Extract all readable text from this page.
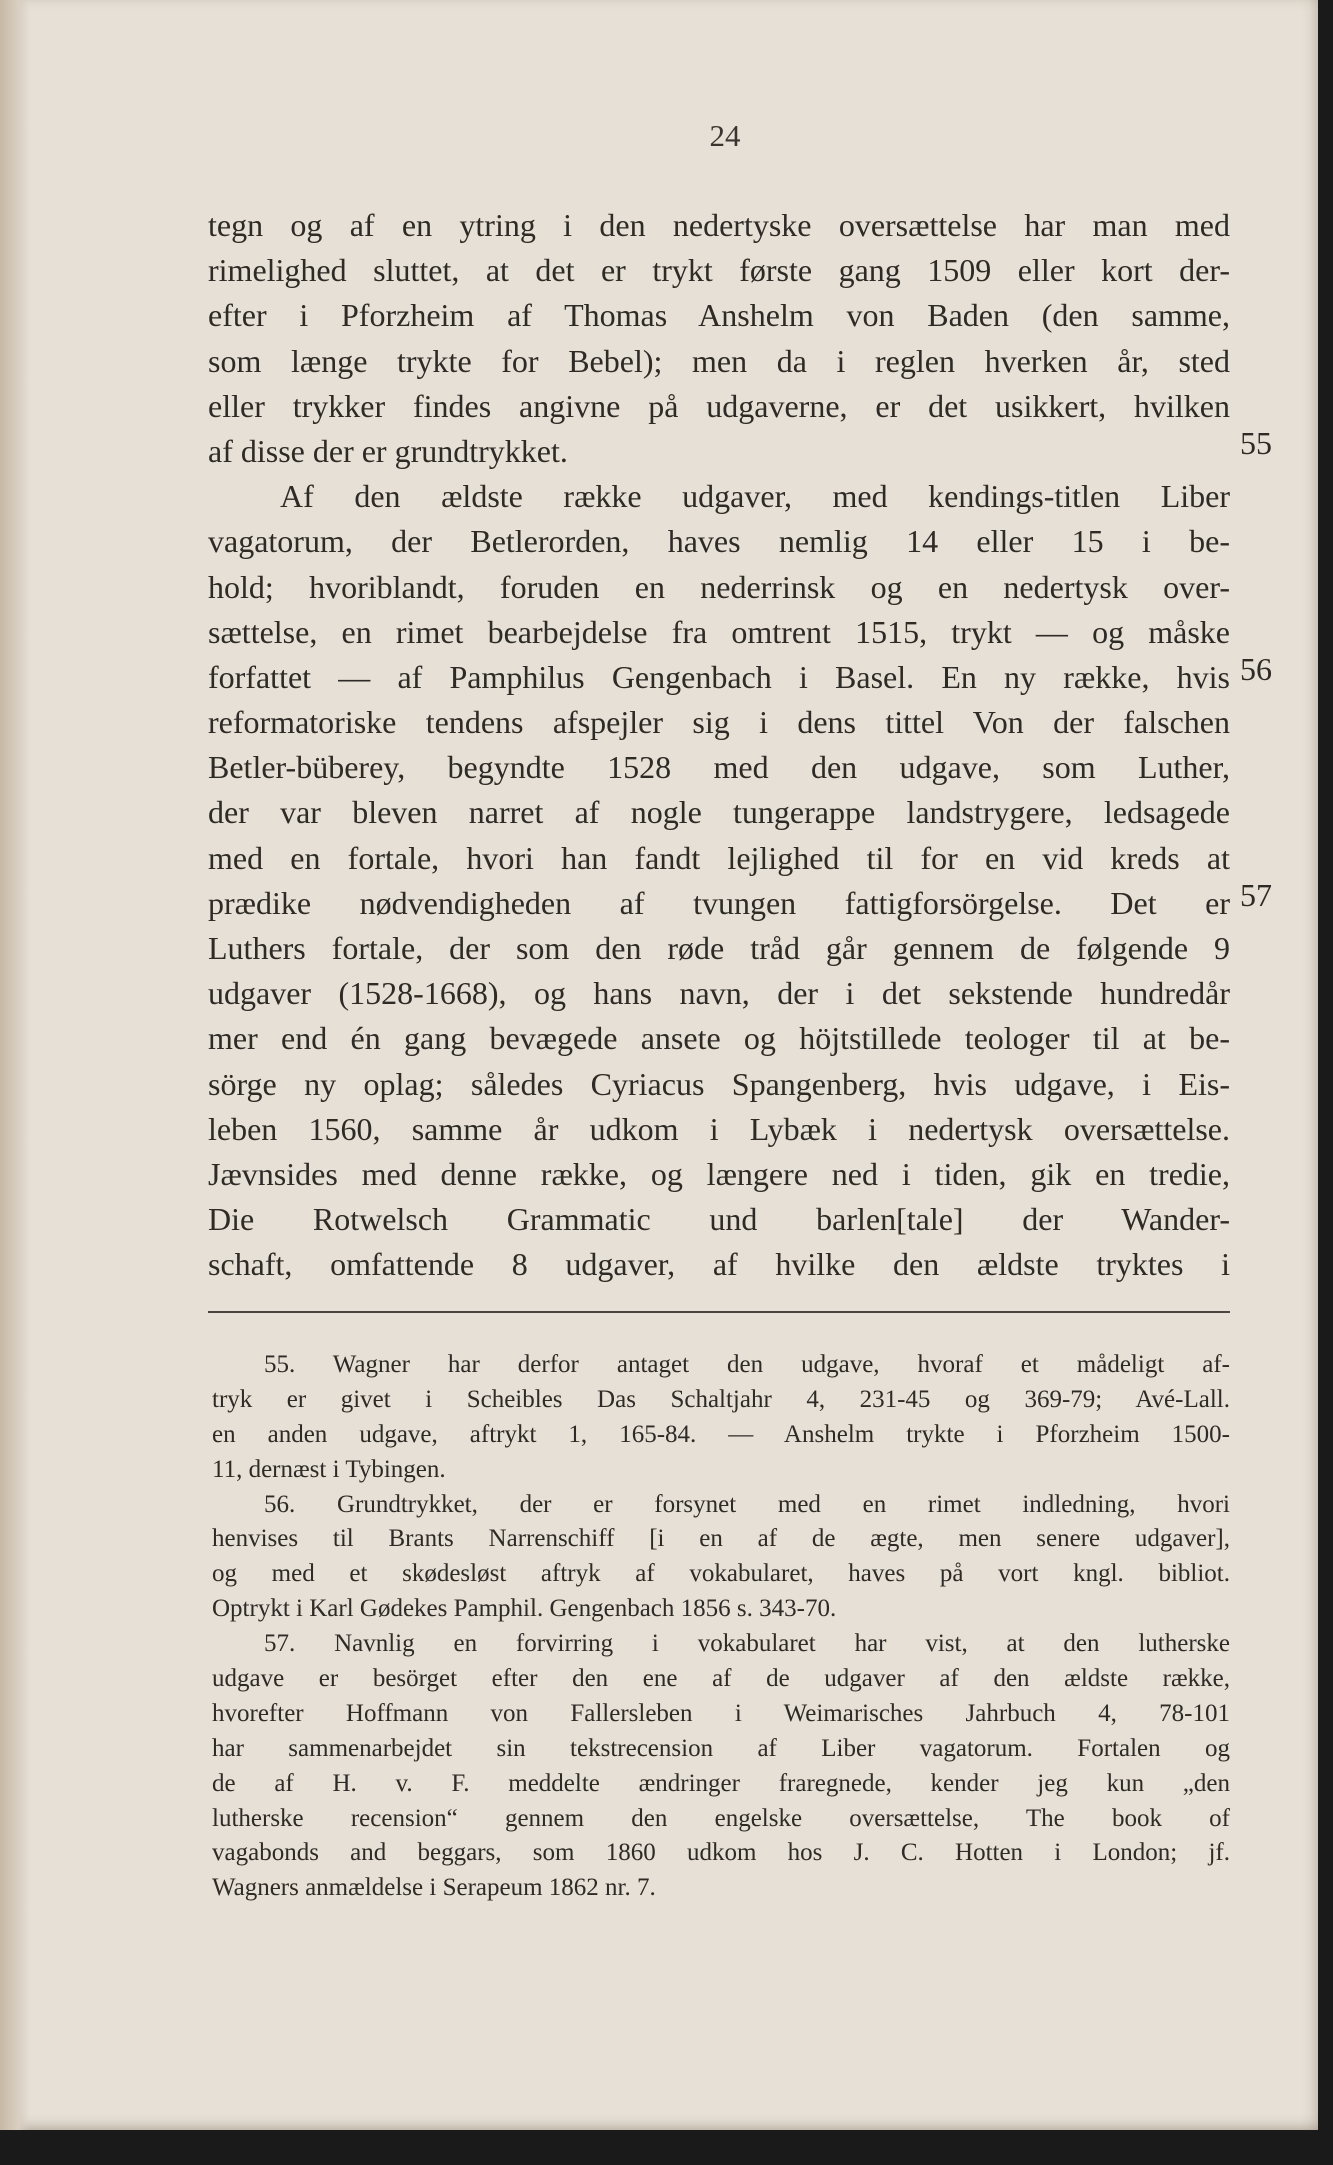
24
tegn og af en ytring i den nedertyske oversættelse har man med
rimelighed sluttet, at det er trykt første gang 1509 eller kort der-
efter i Pforzheim af Thomas Anshelm von Baden (den samme,
som længe trykte for Bebel); men da i reglen hverken år, sted
eller trykker findes angivne på udgaverne, er det usikkert, hvilken
af disse der er grundtrykket.
Af den ældste række udgaver, med kendings-titlen Liber
vagatorum, der Betlerorden, haves nemlig 14 eller 15 i be-
hold; hvoriblandt, foruden en nederrinsk og en nedertysk over-
sættelse, en rimet bearbejdelse fra omtrent 1515, trykt — og måske
forfattet — af Pamphilus Gengenbach i Basel. En ny række, hvis
reformatoriske tendens afspejler sig i dens tittel Von der falschen
Betler-büberey, begyndte 1528 med den udgave, som Luther,
der var bleven narret af nogle tungerappe landstrygere, ledsagede
med en fortale, hvori han fandt lejlighed til for en vid kreds at
prædike nødvendigheden af tvungen fattigforsörgelse. Det er
Luthers fortale, der som den røde tråd går gennem de følgende 9
udgaver (1528-1668), og hans navn, der i det sekstende hundredår
mer end én gang bevægede ansete og höjtstillede teologer til at be-
sörge ny oplag; således Cyriacus Spangenberg, hvis udgave, i Eis-
leben 1560, samme år udkom i Lybæk i nedertysk oversættelse.
Jævnsides med denne række, og længere ned i tiden, gik en tredie,
Die Rotwelsch Grammatic und barlen[tale] der Wander-
schaft, omfattende 8 udgaver, af hvilke den ældste tryktes i
55
56
57
55. Wagner har derfor antaget den udgave, hvoraf et mådeligt af-
tryk er givet i Scheibles Das Schaltjahr 4, 231-45 og 369-79; Avé-Lall.
en anden udgave, aftrykt 1, 165-84. — Anshelm trykte i Pforzheim 1500-
11, dernæst i Tybingen.
56. Grundtrykket, der er forsynet med en rimet indledning, hvori
henvises til Brants Narrenschiff [i en af de ægte, men senere udgaver],
og med et skødesløst aftryk af vokabularet, haves på vort kngl. bibliot.
Optrykt i Karl Gødekes Pamphil. Gengenbach 1856 s. 343-70.
57. Navnlig en forvirring i vokabularet har vist, at den lutherske
udgave er besörget efter den ene af de udgaver af den ældste række,
hvorefter Hoffmann von Fallersleben i Weimarisches Jahrbuch 4, 78-101
har sammenarbejdet sin tekstrecension af Liber vagatorum. Fortalen og
de af H. v. F. meddelte ændringer fraregnede, kender jeg kun „den
lutherske recension“ gennem den engelske oversættelse, The book of
vagabonds and beggars, som 1860 udkom hos J. C. Hotten i London; jf.
Wagners anmældelse i Serapeum 1862 nr. 7.
